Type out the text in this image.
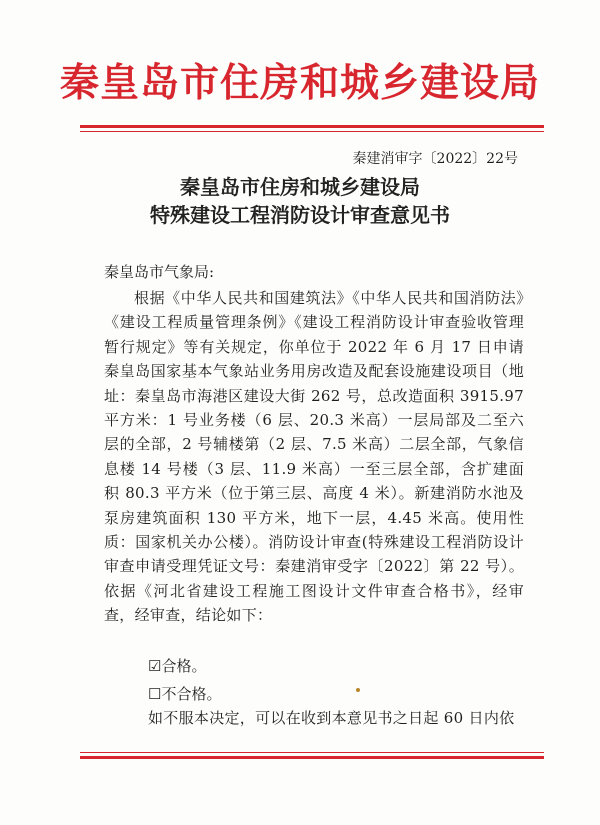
秦皇岛市住房和城乡建设局
秦建消审字〔2022〕22号
秦皇岛市住房和城乡建设局
特殊建设工程消防设计审查意见书
秦皇岛市气象局:
根据《中华人民共和国建筑法》《中华人民共和国消防法》《建设工程质量管理条例》《建设工程消防设计审查验收管理暂行规定》等有关规定，你单位于 2022 年 6 月 17 日申请秦皇岛国家基本气象站业务用房改造及配套设施建设项目（地址：秦皇岛市海港区建设大街 262 号，总改造面积 3915.97 平方米：1 号业务楼（6 层、20.3 米高）一层局部及二至六层的全部，2 号辅楼第（2 层、7.5 米高）二层全部，气象信息楼 14 号楼（3 层、11.9 米高）一至三层全部，含扩建面积 80.3 平方米（位于第三层、高度 4 米）。新建消防水池及泵房建筑面积 130 平方米，地下一层，4.45 米高。使用性质：国家机关办公楼）。消防设计审查(特殊建设工程消防设计审查申请受理凭证文号：秦建消审受字〔2022〕第 22 号）。依据《河北省建设工程施工图设计文件审查合格书》，经审查，经审查，结论如下：
☑合格。
☐不合格。
如不服本决定，可以在收到本意见书之日起 60 日内依
